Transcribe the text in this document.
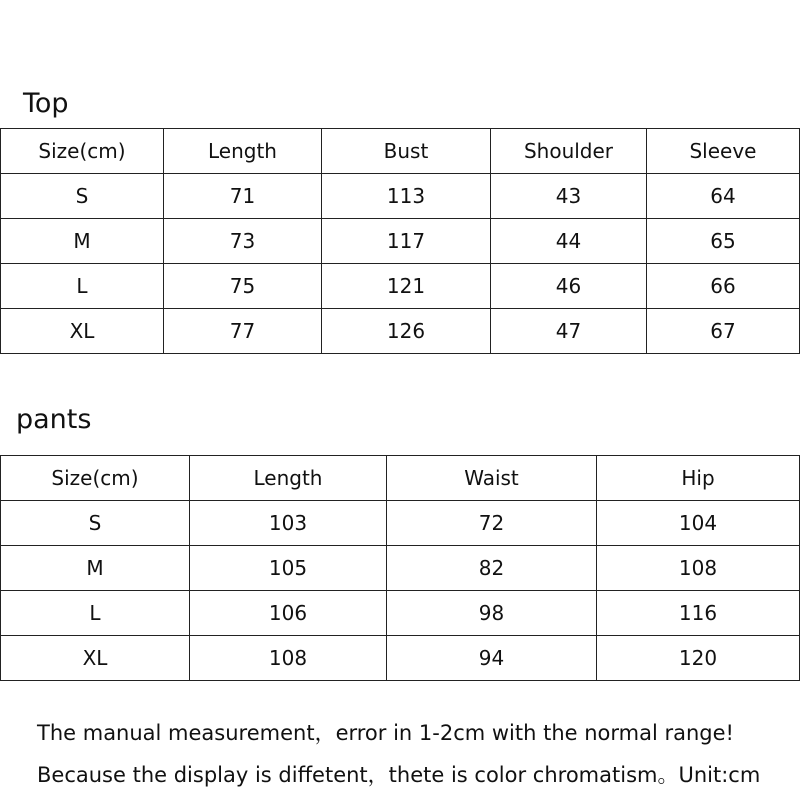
Top
Size(cm)	Length	Bust	Shoulder	Sleeve
S	71	113	43	64
M	73	117	44	65
L	75	121	46	66
XL	77	126	47	67
pants
Size(cm)	Length	Waist	Hip
S	103	72	104
M	105	82	108
L	106	98	116
XL	108	94	120
The manual measurement，error in 1-2cm with the normal range!
Because the display is diffetent，thete is color chromatism。Unit:cm
